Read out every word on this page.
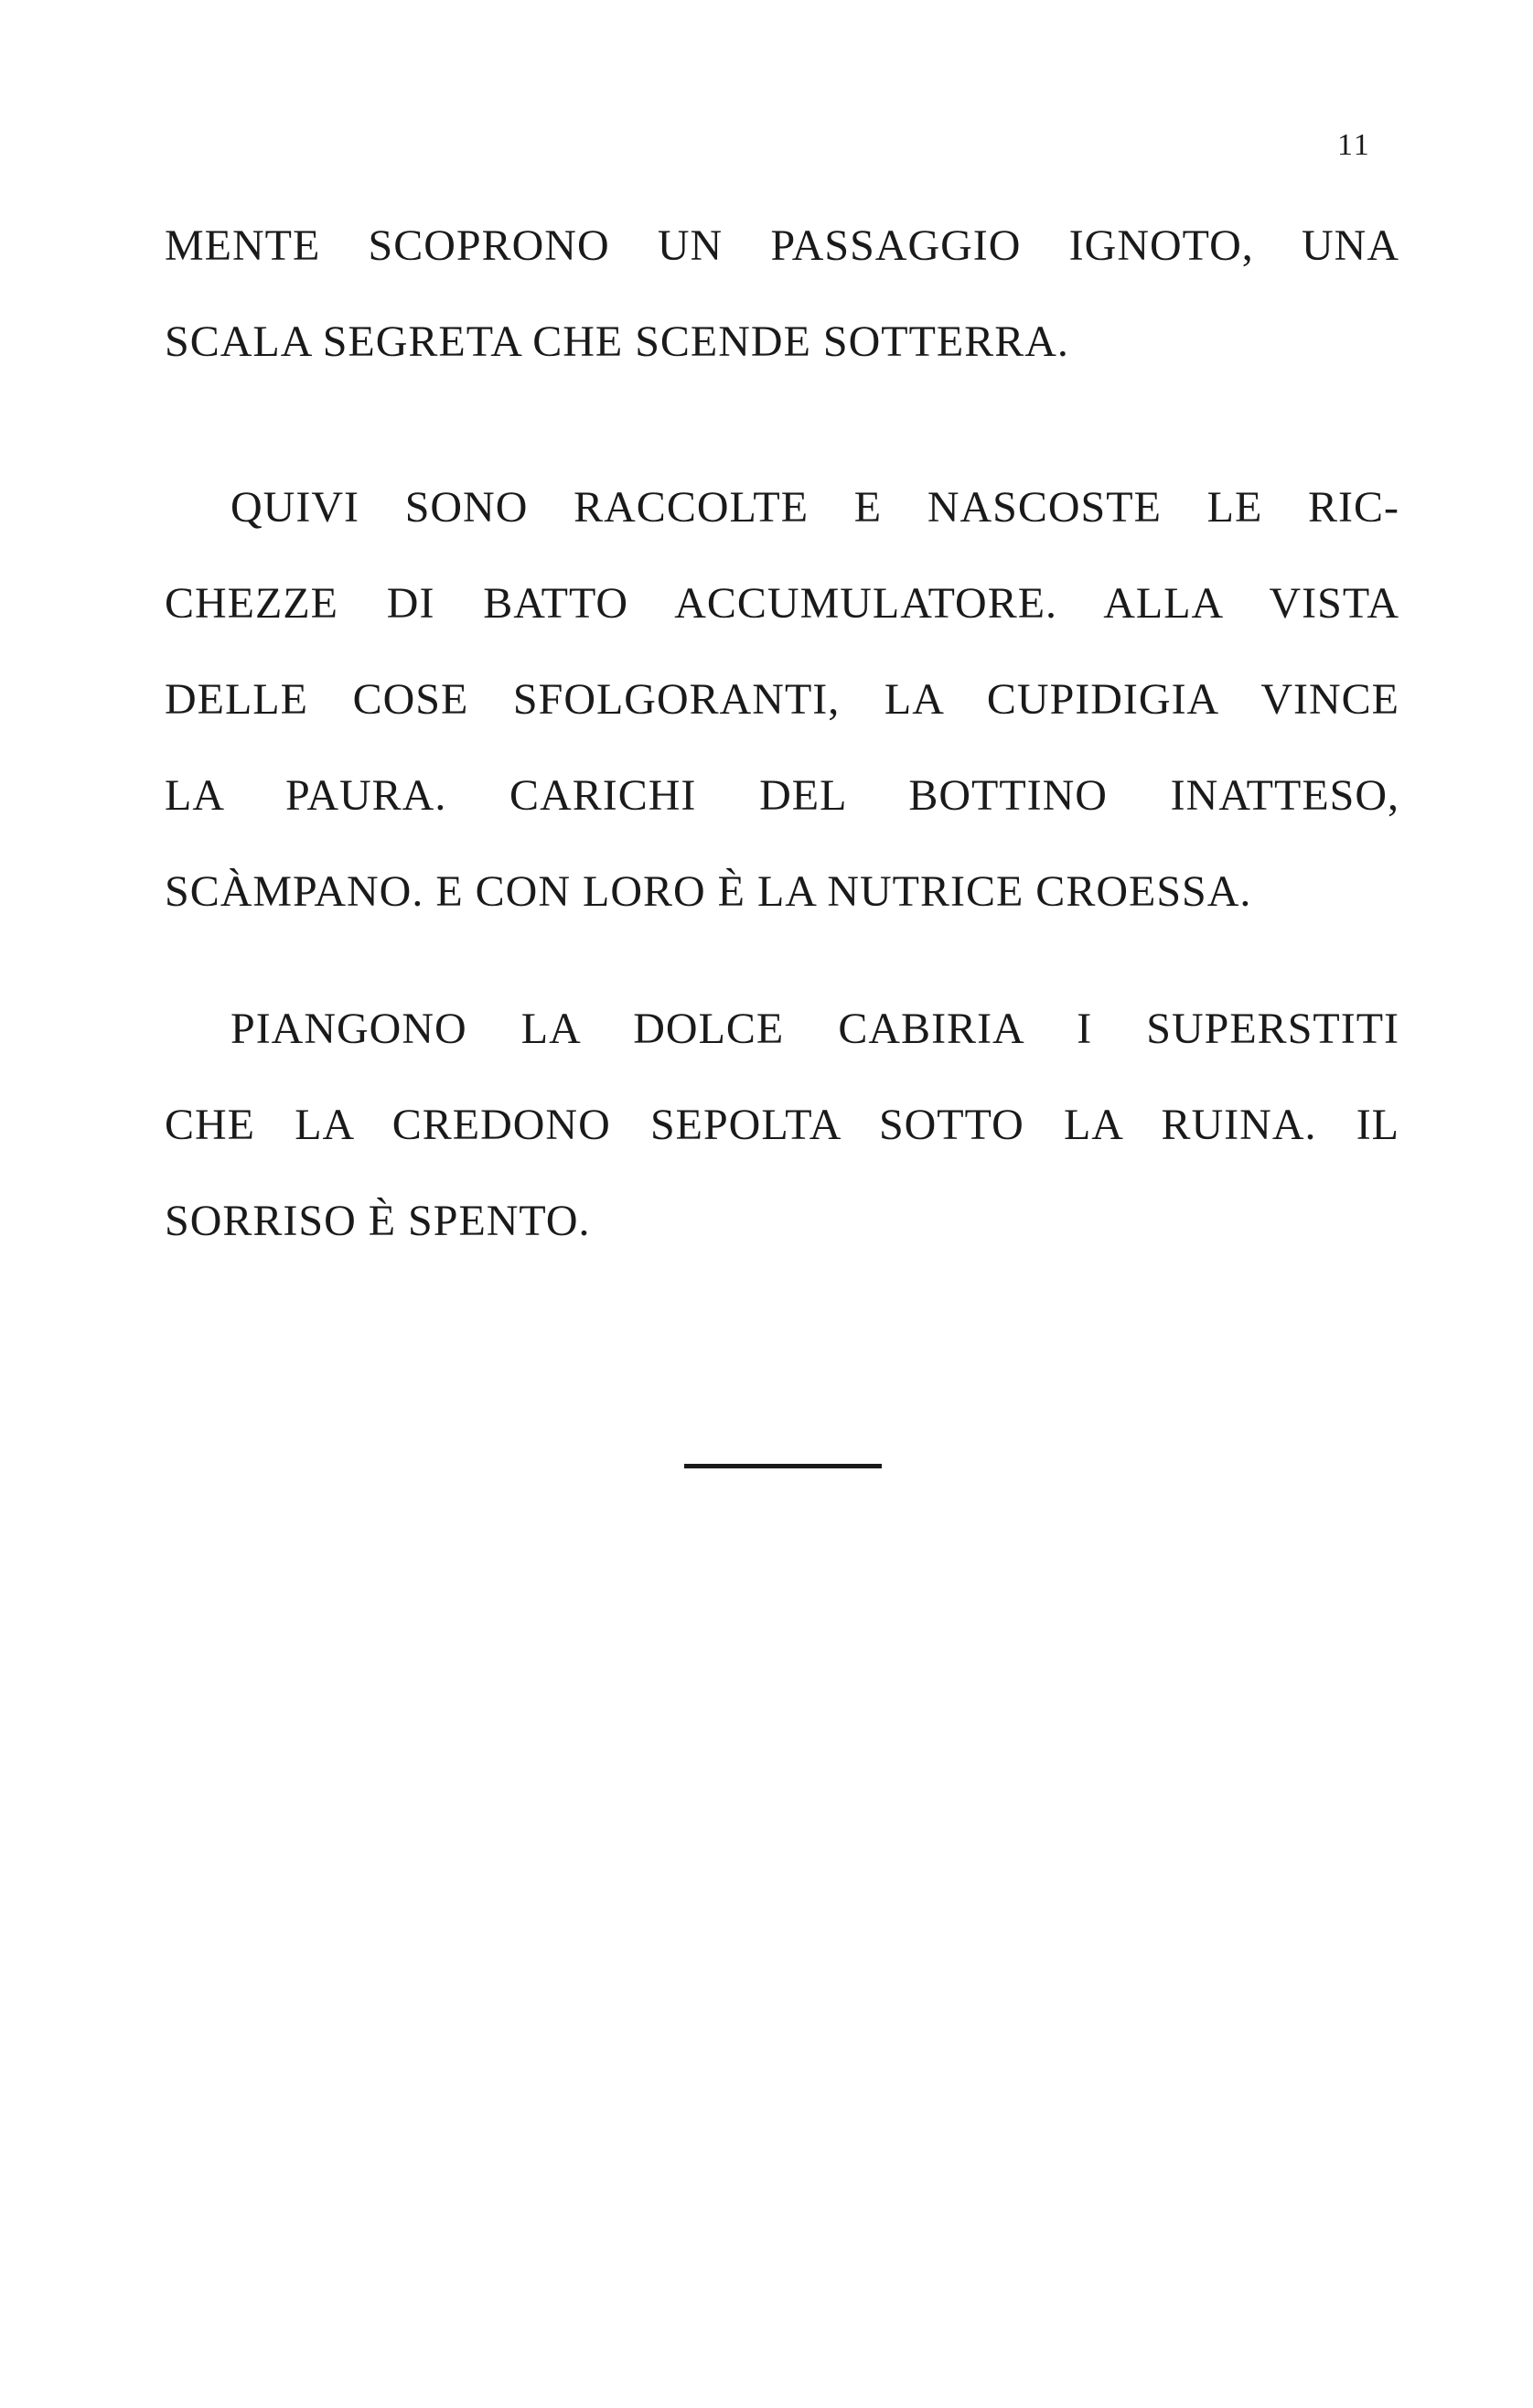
11
MENTE SCOPRONO UN PASSAGGIO IGNOTO, UNA
SCALA SEGRETA CHE SCENDE SOTTERRA.
QUIVI SONO RACCOLTE E NASCOSTE LE RIC-
CHEZZE DI BATTO ACCUMULATORE. ALLA VISTA
DELLE COSE SFOLGORANTI, LA CUPIDIGIA VINCE
LA PAURA. CARICHI DEL BOTTINO INATTESO,
SCÀMPANO. E CON LORO È LA NUTRICE CROESSA.
PIANGONO LA DOLCE CABIRIA I SUPERSTITI
CHE LA CREDONO SEPOLTA SOTTO LA RUINA. IL
SORRISO È SPENTO.
